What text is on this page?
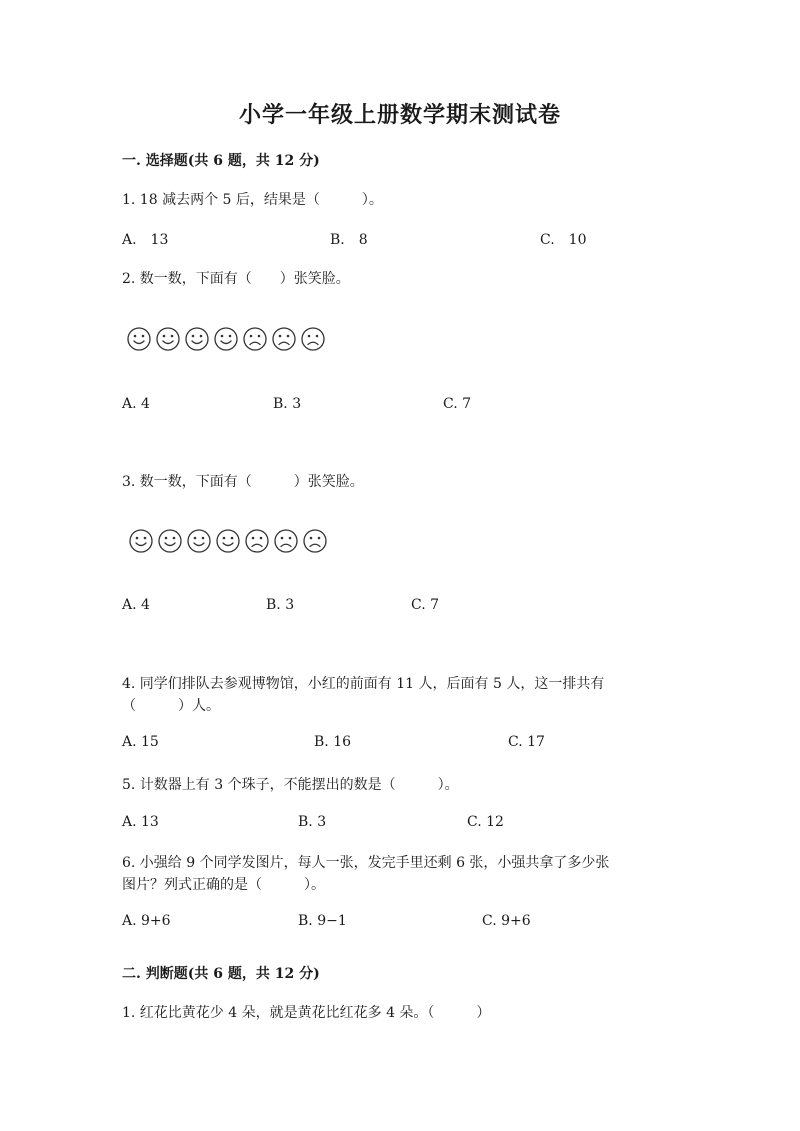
小学一年级上册数学期末测试卷
一. 选择题(共 6 题，共 12 分)
1. 18 减去两个 5 后，结果是（　　　）。
A.　13	B.　8	C.　10
2. 数一数，下面有（　　）张笑脸。
A. 4	B. 3	C. 7
3. 数一数，下面有（　　　）张笑脸。
A. 4	B. 3	C. 7
4. 同学们排队去参观博物馆，小红的前面有 11 人，后面有 5 人，这一排共有
（　　　）人。
A. 15	B. 16	C. 17
5. 计数器上有 3 个珠子，不能摆出的数是（　　　）。
A. 13	B. 3	C. 12
6. 小强给 9 个同学发图片，每人一张，发完手里还剩 6 张，小强共拿了多少张
图片？列式正确的是（　　　）。
A. 9+6	B. 9−1	C. 9+6
二. 判断题(共 6 题，共 12 分)
1. 红花比黄花少 4 朵，就是黄花比红花多 4 朵。（　　　）
